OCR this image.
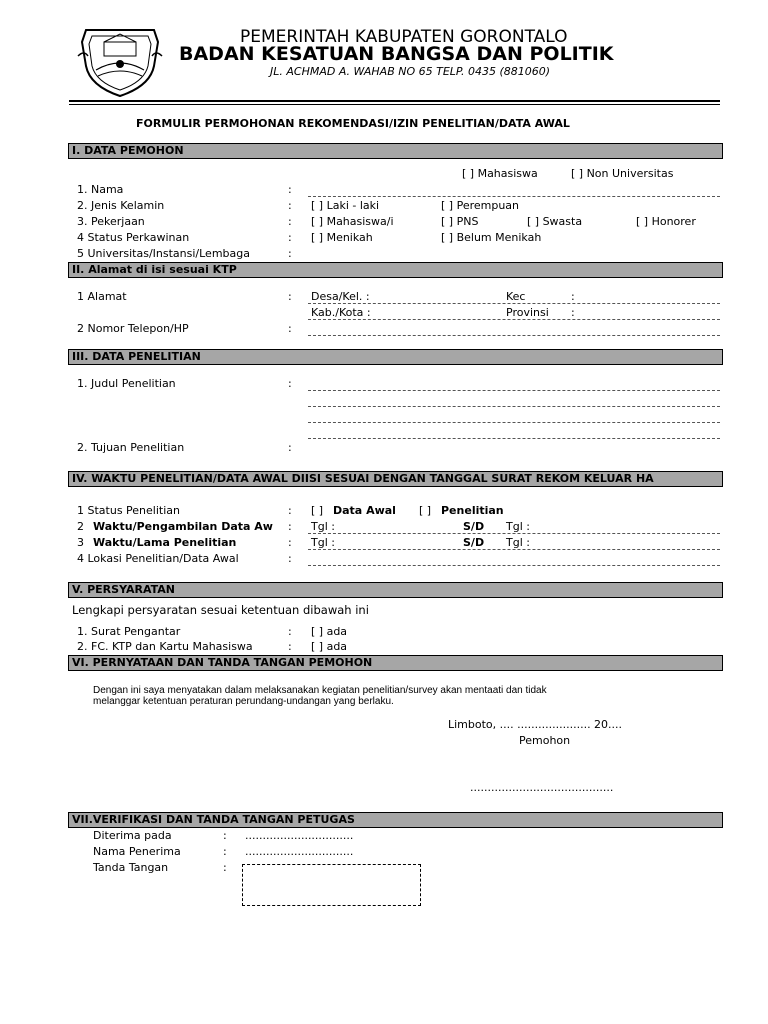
PEMERINTAH KABUPATEN GORONTALO
BADAN KESATUAN BANGSA DAN POLITIK
JL. ACHMAD A. WAHAB NO 65 TELP. 0435 (881060)
FORMULIR PERMOHONAN REKOMENDASI/IZIN PENELITIAN/DATA AWAL
I. DATA PEMOHON
[ ] Mahasiswa	[ ] Non Universitas
1. Nama	:
2. Jenis Kelamin	: [ ] Laki - laki	[ ] Perempuan
3. Pekerjaan	: [ ] Mahasiswa/i	[ ] PNS	[ ] Swasta	[ ] Honorer
4 Status Perkawinan	: [ ] Menikah	[ ] Belum Menikah
5 Universitas/Instansi/Lembaga	:
II. Alamat di isi sesuai KTP
1 Alamat	: Desa/Kel. :	Kec	:
Kab./Kota :	Provinsi :
2 Nomor Telepon/HP	:
III. DATA PENELITIAN
1. Judul Penelitian	:
2. Tujuan Penelitian	:
IV. WAKTU PENELITIAN/DATA AWAL DIISI SESUAI DENGAN TANGGAL SURAT REKOM KELUAR HA
1 Status Penelitian	: [ ] Data Awal [ ] Penelitian
2 Waktu/Pengambilan Data Aw	: Tgl :	S/D Tgl :
3 Waktu/Lama Penelitian	: Tgl :	S/D Tgl :
4 Lokasi Penelitian/Data Awal	:
V. PERSYARATAN
Lengkapi persyaratan sesuai ketentuan dibawah ini
1. Surat Pengantar	: [ ] ada
2. FC. KTP dan Kartu Mahasiswa	: [ ] ada
VI. PERNYATAAN DAN TANDA TANGAN PEMOHON
Dengan ini saya menyatakan dalam melaksanakan kegiatan penelitian/survey akan mentaati dan tidak
melanggar ketentuan peraturan perundang-undangan yang berlaku.
Limboto, .... ..................... 20....
Pemohon
.........................................
VII.VERIFIKASI DAN TANDA TANGAN PETUGAS
Diterima pada	: ...............................
Nama Penerima	: ...............................
Tanda Tangan	:
